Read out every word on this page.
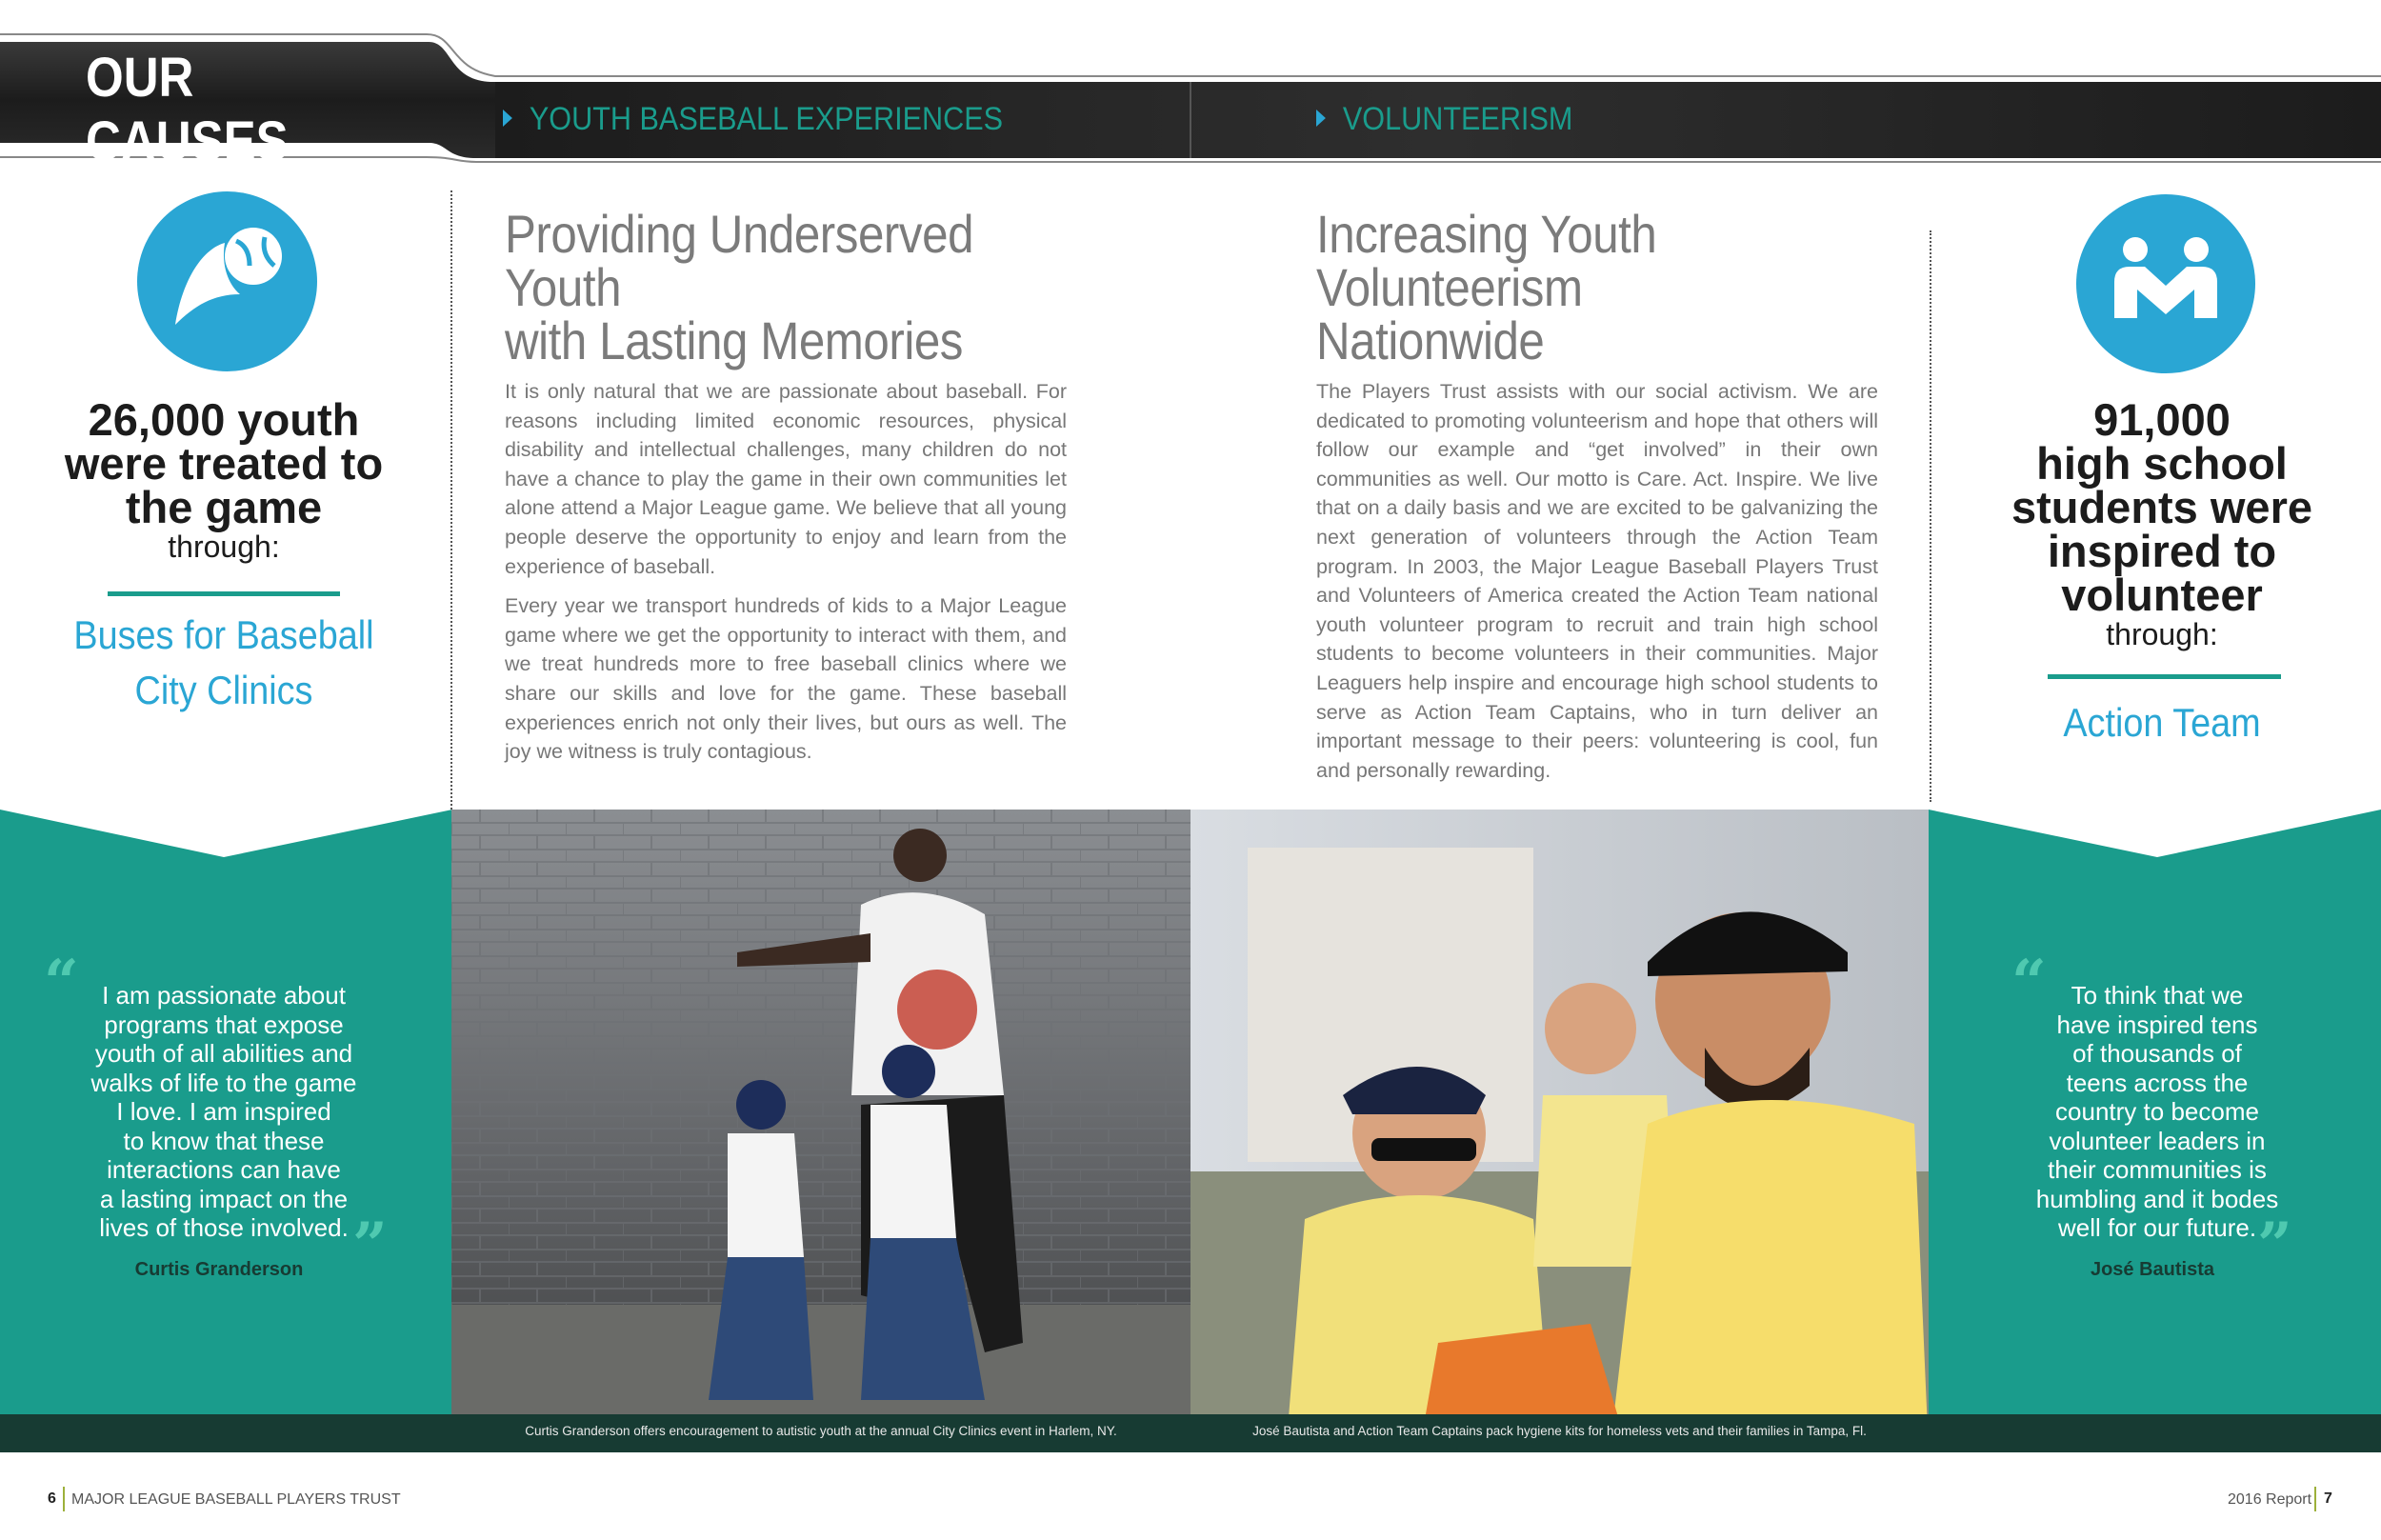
OUR CAUSES	YOUTH BASEBALL EXPERIENCES	VOLUNTEERISM
26,000 youth
were treated to
the game
through:
Buses for Baseball
City Clinics
91,000
high school
students were
inspired to
volunteer
through:
Action Team
Providing Underserved Youth
with Lasting Memories

It is only natural that we are passionate about baseball. For reasons including limited economic resources, physical disability and intellectual challenges, many children do not have a chance to play the game in their own communities let alone attend a Major League game. We believe that all young people deserve the opportunity to enjoy and learn from the experience of baseball.

Every year we transport hundreds of kids to a Major League game where we get the opportunity to interact with them, and we treat hundreds more to free baseball clinics where we share our skills and love for the game. These baseball experiences enrich not only their lives, but ours as well. The joy we witness is truly contagious.

Increasing Youth
Volunteerism Nationwide

The Players Trust assists with our social activism. We are dedicated to promoting volunteerism and hope that others will follow our example and “get involved” in their own communities as well. Our motto is Care. Act. Inspire. We live that on a daily basis and we are excited to be galvanizing the next generation of volunteers through the Action Team program. In 2003, the Major League Baseball Players Trust and Volunteers of America created the Action Team national youth volunteer program to recruit and train high school students to become volunteers in their communities. Major Leaguers help inspire and encourage high school students to serve as Action Team Captains, who in turn deliver an important message to their peers: volunteering is cool, fun and personally rewarding.

“ I am passionate about
programs that expose
youth of all abilities and
walks of life to the game
I love. I am inspired
to know that these
interactions can have
a lasting impact on the
lives of those involved. ”
Curtis Granderson
“ To think that we
have inspired tens
of thousands of
teens across the
country to become
volunteer leaders in
their communities is
humbling and it bodes
well for our future. ”
José Bautista
Curtis Granderson offers encouragement to autistic youth at the annual City Clinics event in Harlem, NY.	José Bautista and Action Team Captains pack hygiene kits for homeless vets and their families in Tampa, Fl.
6 MAJOR LEAGUE BASEBALL PLAYERS TRUST	2016 Report 7
